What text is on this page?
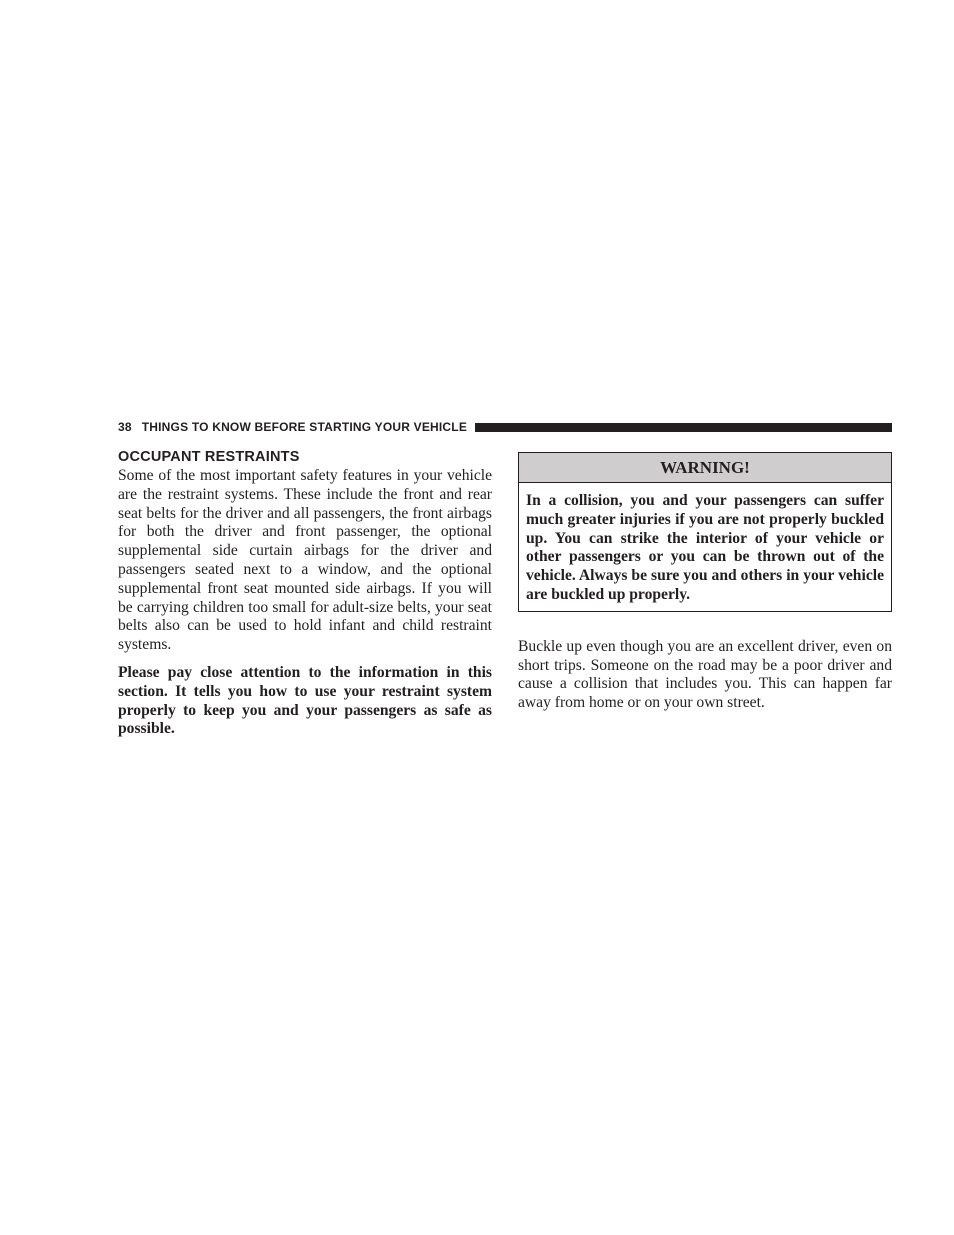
38 THINGS TO KNOW BEFORE STARTING YOUR VEHICLE
OCCUPANT RESTRAINTS

Some of the most important safety features in your vehicle are the restraint systems. These include the front and rear seat belts for the driver and all passengers, the front airbags for both the driver and front passenger, the optional supplemental side curtain airbags for the driver and passengers seated next to a window, and the optional supplemental front seat mounted side airbags. If you will be carrying children too small for adult-size belts, your seat belts also can be used to hold infant and child restraint systems.

Please pay close attention to the information in this section. It tells you how to use your restraint system properly to keep you and your passengers as safe as possible.

WARNING!

In a collision, you and your passengers can suffer much greater injuries if you are not properly buckled up. You can strike the interior of your vehicle or other passengers or you can be thrown out of the vehicle. Always be sure you and others in your vehicle are buckled up properly.

Buckle up even though you are an excellent driver, even on short trips. Someone on the road may be a poor driver and cause a collision that includes you. This can happen far away from home or on your own street.
